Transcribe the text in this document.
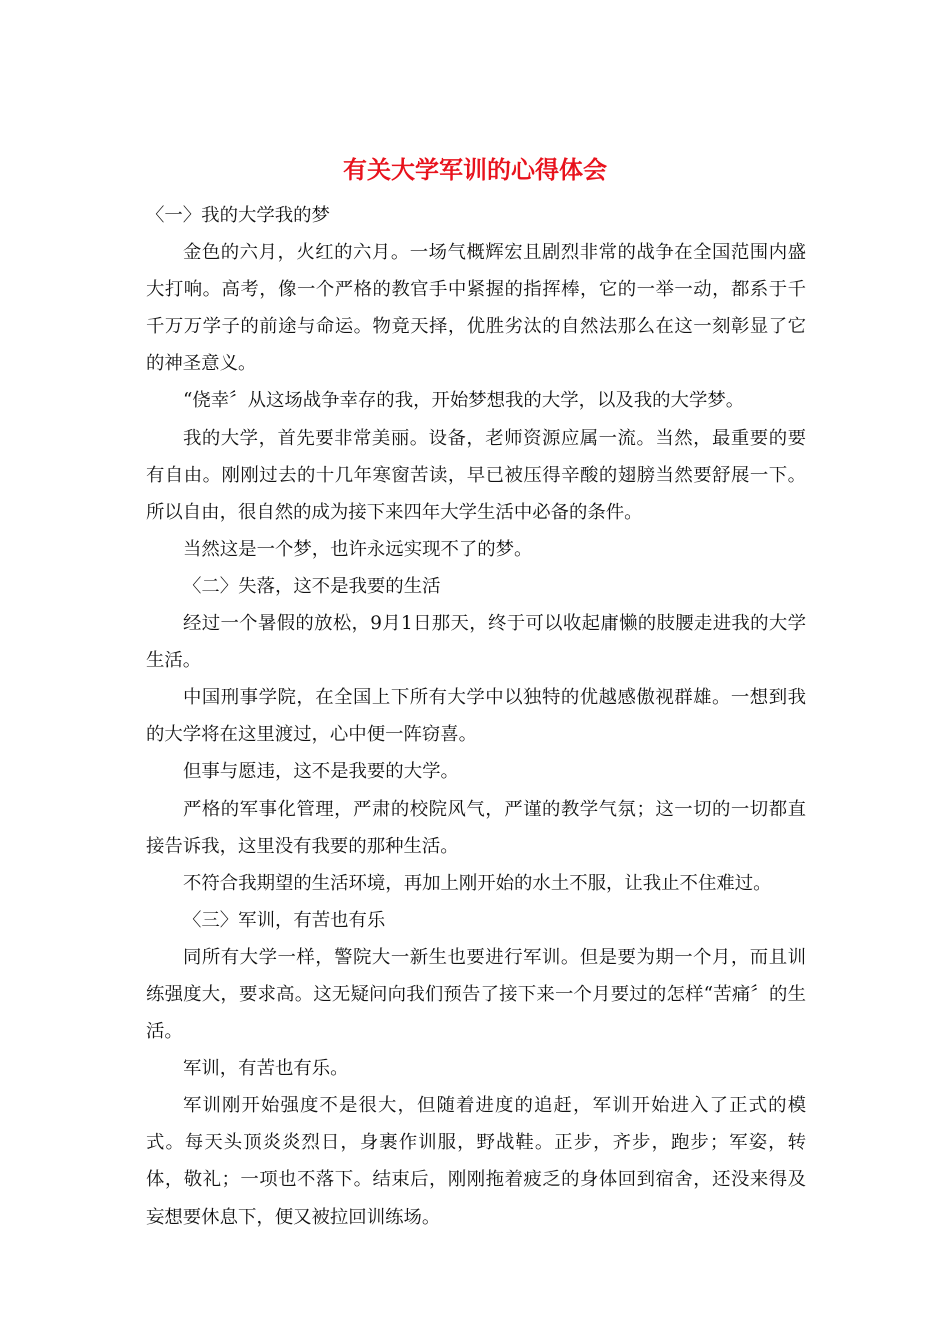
有关大学军训的心得体会

〈一〉我的大学我的梦

金色的六月，火红的六月。一场气概辉宏且剧烈非常的战争在全国范围内盛大打响。高考，像一个严格的教官手中紧握的指挥棒，它的一举一动，都系于千千万万学子的前途与命运。物竟天择，优胜劣汰的自然法那么在这一刻彰显了它的神圣意义。

“侥幸〞从这场战争幸存的我，开始梦想我的大学，以及我的大学梦。

我的大学，首先要非常美丽。设备，老师资源应属一流。当然，最重要的要有自由。刚刚过去的十几年寒窗苦读，早已被压得辛酸的翅膀当然要舒展一下。所以自由，很自然的成为接下来四年大学生活中必备的条件。

当然这是一个梦，也许永远实现不了的梦。

〈二〉失落，这不是我要的生活

经过一个暑假的放松，9月1日那天，终于可以收起庸懒的肢腰走进我的大学生活。

中国刑事学院，在全国上下所有大学中以独特的优越感傲视群雄。一想到我的大学将在这里渡过，心中便一阵窃喜。

但事与愿违，这不是我要的大学。

严格的军事化管理，严肃的校院风气，严谨的教学气氛；这一切的一切都直接告诉我，这里没有我要的那种生活。

不符合我期望的生活环境，再加上刚开始的水土不服，让我止不住难过。

〈三〉军训，有苦也有乐

同所有大学一样，警院大一新生也要进行军训。但是要为期一个月，而且训练强度大，要求高。这无疑问向我们预告了接下来一个月要过的怎样“苦痛〞的生活。

军训，有苦也有乐。

军训刚开始强度不是很大，但随着进度的追赶，军训开始进入了正式的模式。每天头顶炎炎烈日，身裹作训服，野战鞋。正步，齐步，跑步；军姿，转体，敬礼；一项也不落下。结束后，刚刚拖着疲乏的身体回到宿舍，还没来得及妄想要休息下，便又被拉回训练场。
